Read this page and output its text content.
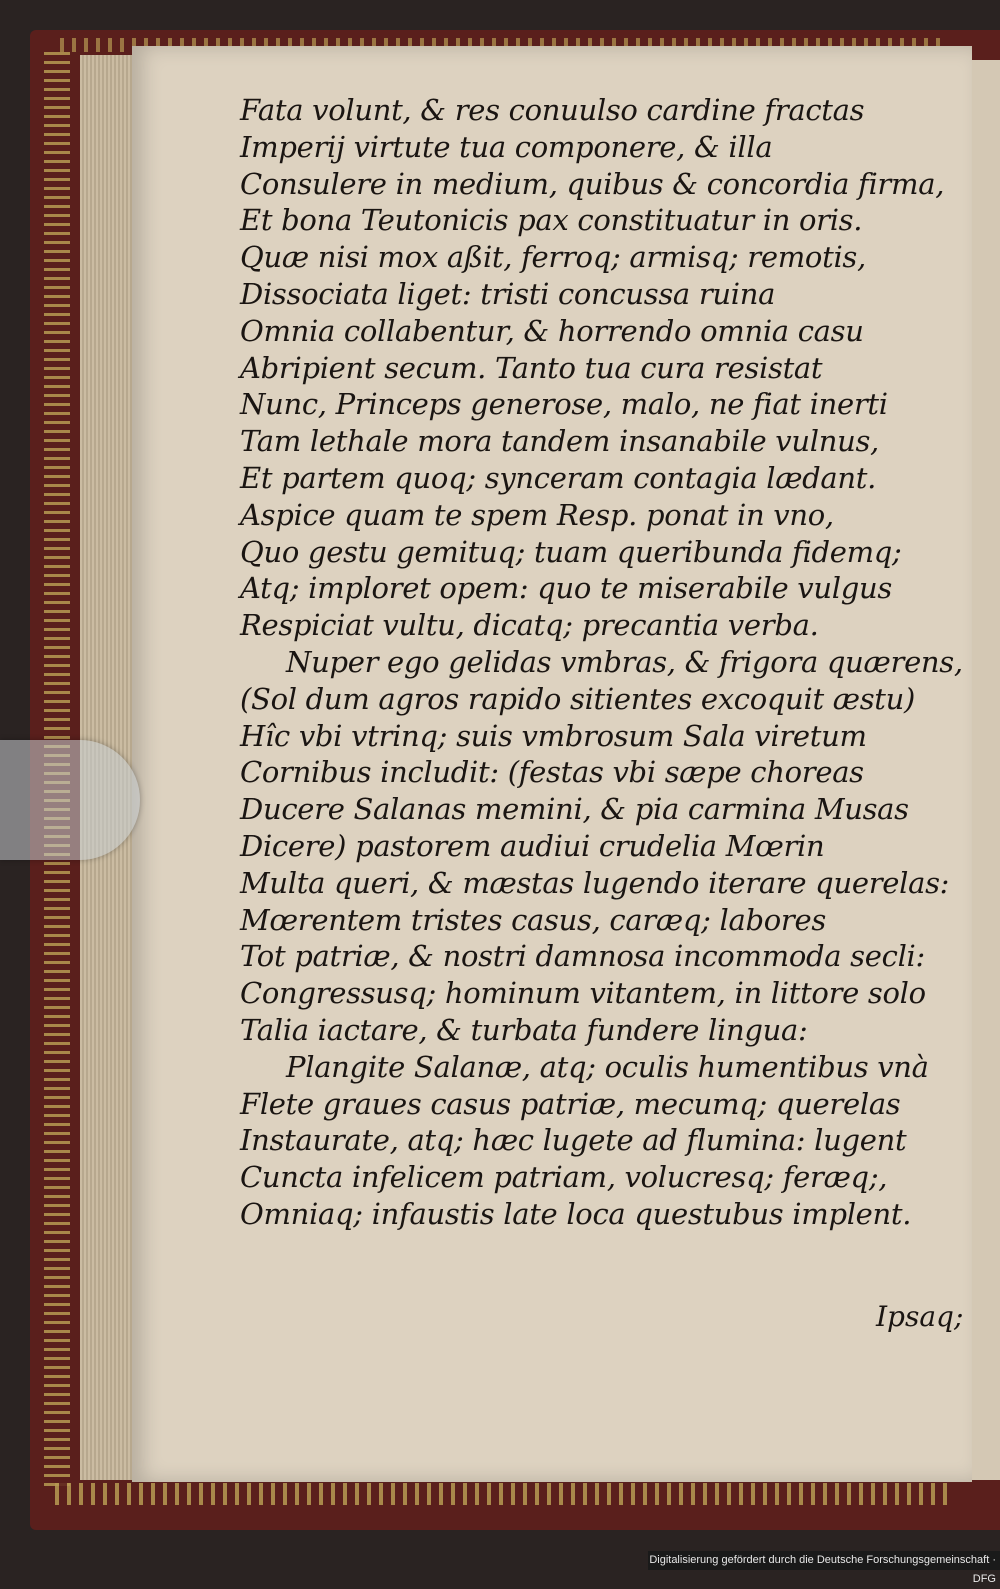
Fata volunt, & res conuulso cardine fractas
Imperij virtute tua componere, & illa
Consulere in medium, quibus & concordia firma,
Et bona Teutonicis pax constituatur in oris.
Quæ nisi mox aßit, ferroq; armisq; remotis,
Dissociata liget: tristi concussa ruina
Omnia collabentur, & horrendo omnia casu
Abripient secum. Tanto tua cura resistat
Nunc, Princeps generose, malo, ne fiat inerti
Tam lethale mora tandem insanabile vulnus,
Et partem quoq; synceram contagia lædant.
Aspice quam te spem Resp. ponat in vno,
Quo gestu gemituq; tuam queribunda fidemq;
Atq; imploret opem: quo te miserabile vulgus
Respiciat vultu, dicatq; precantia verba.
Nuper ego gelidas vmbras, & frigora quærens,
(Sol dum agros rapido sitientes excoquit æstu)
Hîc vbi vtrinq; suis vmbrosum Sala viretum
Cornibus includit: (festas vbi sæpe choreas
Ducere Salanas memini, & pia carmina Musas
Dicere) pastorem audiui crudelia Mœrin
Multa queri, & mæstas lugendo iterare querelas:
Mœrentem tristes casus, caræq; labores
Tot patriæ, & nostri damnosa incommoda secli:
Congressusq; hominum vitantem, in littore solo
Talia iactare, & turbata fundere lingua:
Plangite Salanæ, atq; oculis humentibus vnà
Flete graues casus patriæ, mecumq; querelas
Instaurate, atq; hæc lugete ad flumina: lugent
Cuncta infelicem patriam, volucresq; feræq;,
Omniaq; infaustis late loca questubus implent.
Ipsaq;
Digitalisierung gefördert durch die Deutsche Forschungsgemeinschaft · DFG
